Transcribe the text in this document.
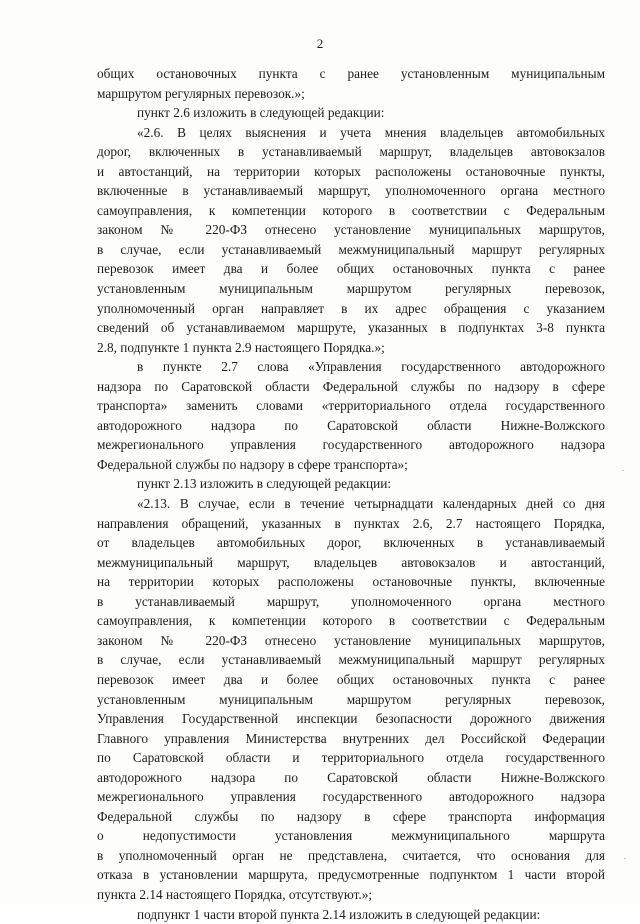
2
общих остановочных пункта с ранее установленным муниципальным
маршрутом регулярных перевозок.»;
пункт 2.6 изложить в следующей редакции:
«2.6. В целях выяснения и учета мнения владельцев автомобильных
дорог, включенных в устанавливаемый маршрут, владельцев автовокзалов
и автостанций, на территории которых расположены остановочные пункты,
включенные в устанавливаемый маршрут, уполномоченного органа местного
самоуправления, к компетенции которого в соответствии с Федеральным
законом № 220-ФЗ отнесено установление муниципальных маршрутов,
в случае, если устанавливаемый межмуниципальный маршрут регулярных
перевозок имеет два и более общих остановочных пункта с ранее
установленным муниципальным маршрутом регулярных перевозок,
уполномоченный орган направляет в их адрес обращения с указанием
сведений об устанавливаемом маршруте, указанных в подпунктах 3-8 пункта
2.8, подпункте 1 пункта 2.9 настоящего Порядка.»;
в пункте 2.7 слова «Управления государственного автодорожного
надзора по Саратовской области Федеральной службы по надзору в сфере
транспорта» заменить словами «территориального отдела государственного
автодорожного надзора по Саратовской области Нижне-Волжского
межрегионального управления государственного автодорожного надзора
Федеральной службы по надзору в сфере транспорта»;
пункт 2.13 изложить в следующей редакции:
«2.13. В случае, если в течение четырнадцати календарных дней со дня
направления обращений, указанных в пунктах 2.6, 2.7 настоящего Порядка,
от владельцев автомобильных дорог, включенных в устанавливаемый
межмуниципальный маршрут, владельцев автовокзалов и автостанций,
на территории которых расположены остановочные пункты, включенные
в устанавливаемый маршрут, уполномоченного органа местного
самоуправления, к компетенции которого в соответствии с Федеральным
законом № 220-ФЗ отнесено установление муниципальных маршрутов,
в случае, если устанавливаемый межмуниципальный маршрут регулярных
перевозок имеет два и более общих остановочных пункта с ранее
установленным муниципальным маршрутом регулярных перевозок,
Управления Государственной инспекции безопасности дорожного движения
Главного управления Министерства внутренних дел Российской Федерации
по Саратовской области и территориального отдела государственного
автодорожного надзора по Саратовской области Нижне-Волжского
межрегионального управления государственного автодорожного надзора
Федеральной службы по надзору в сфере транспорта информация
о недопустимости установления межмуниципального маршрута
в уполномоченный орган не представлена, считается, что основания для
отказа в установлении маршрута, предусмотренные подпунктом 1 части второй
пункта 2.14 настоящего Порядка, отсутствуют.»;
подпункт 1 части второй пункта 2.14 изложить в следующей редакции:
